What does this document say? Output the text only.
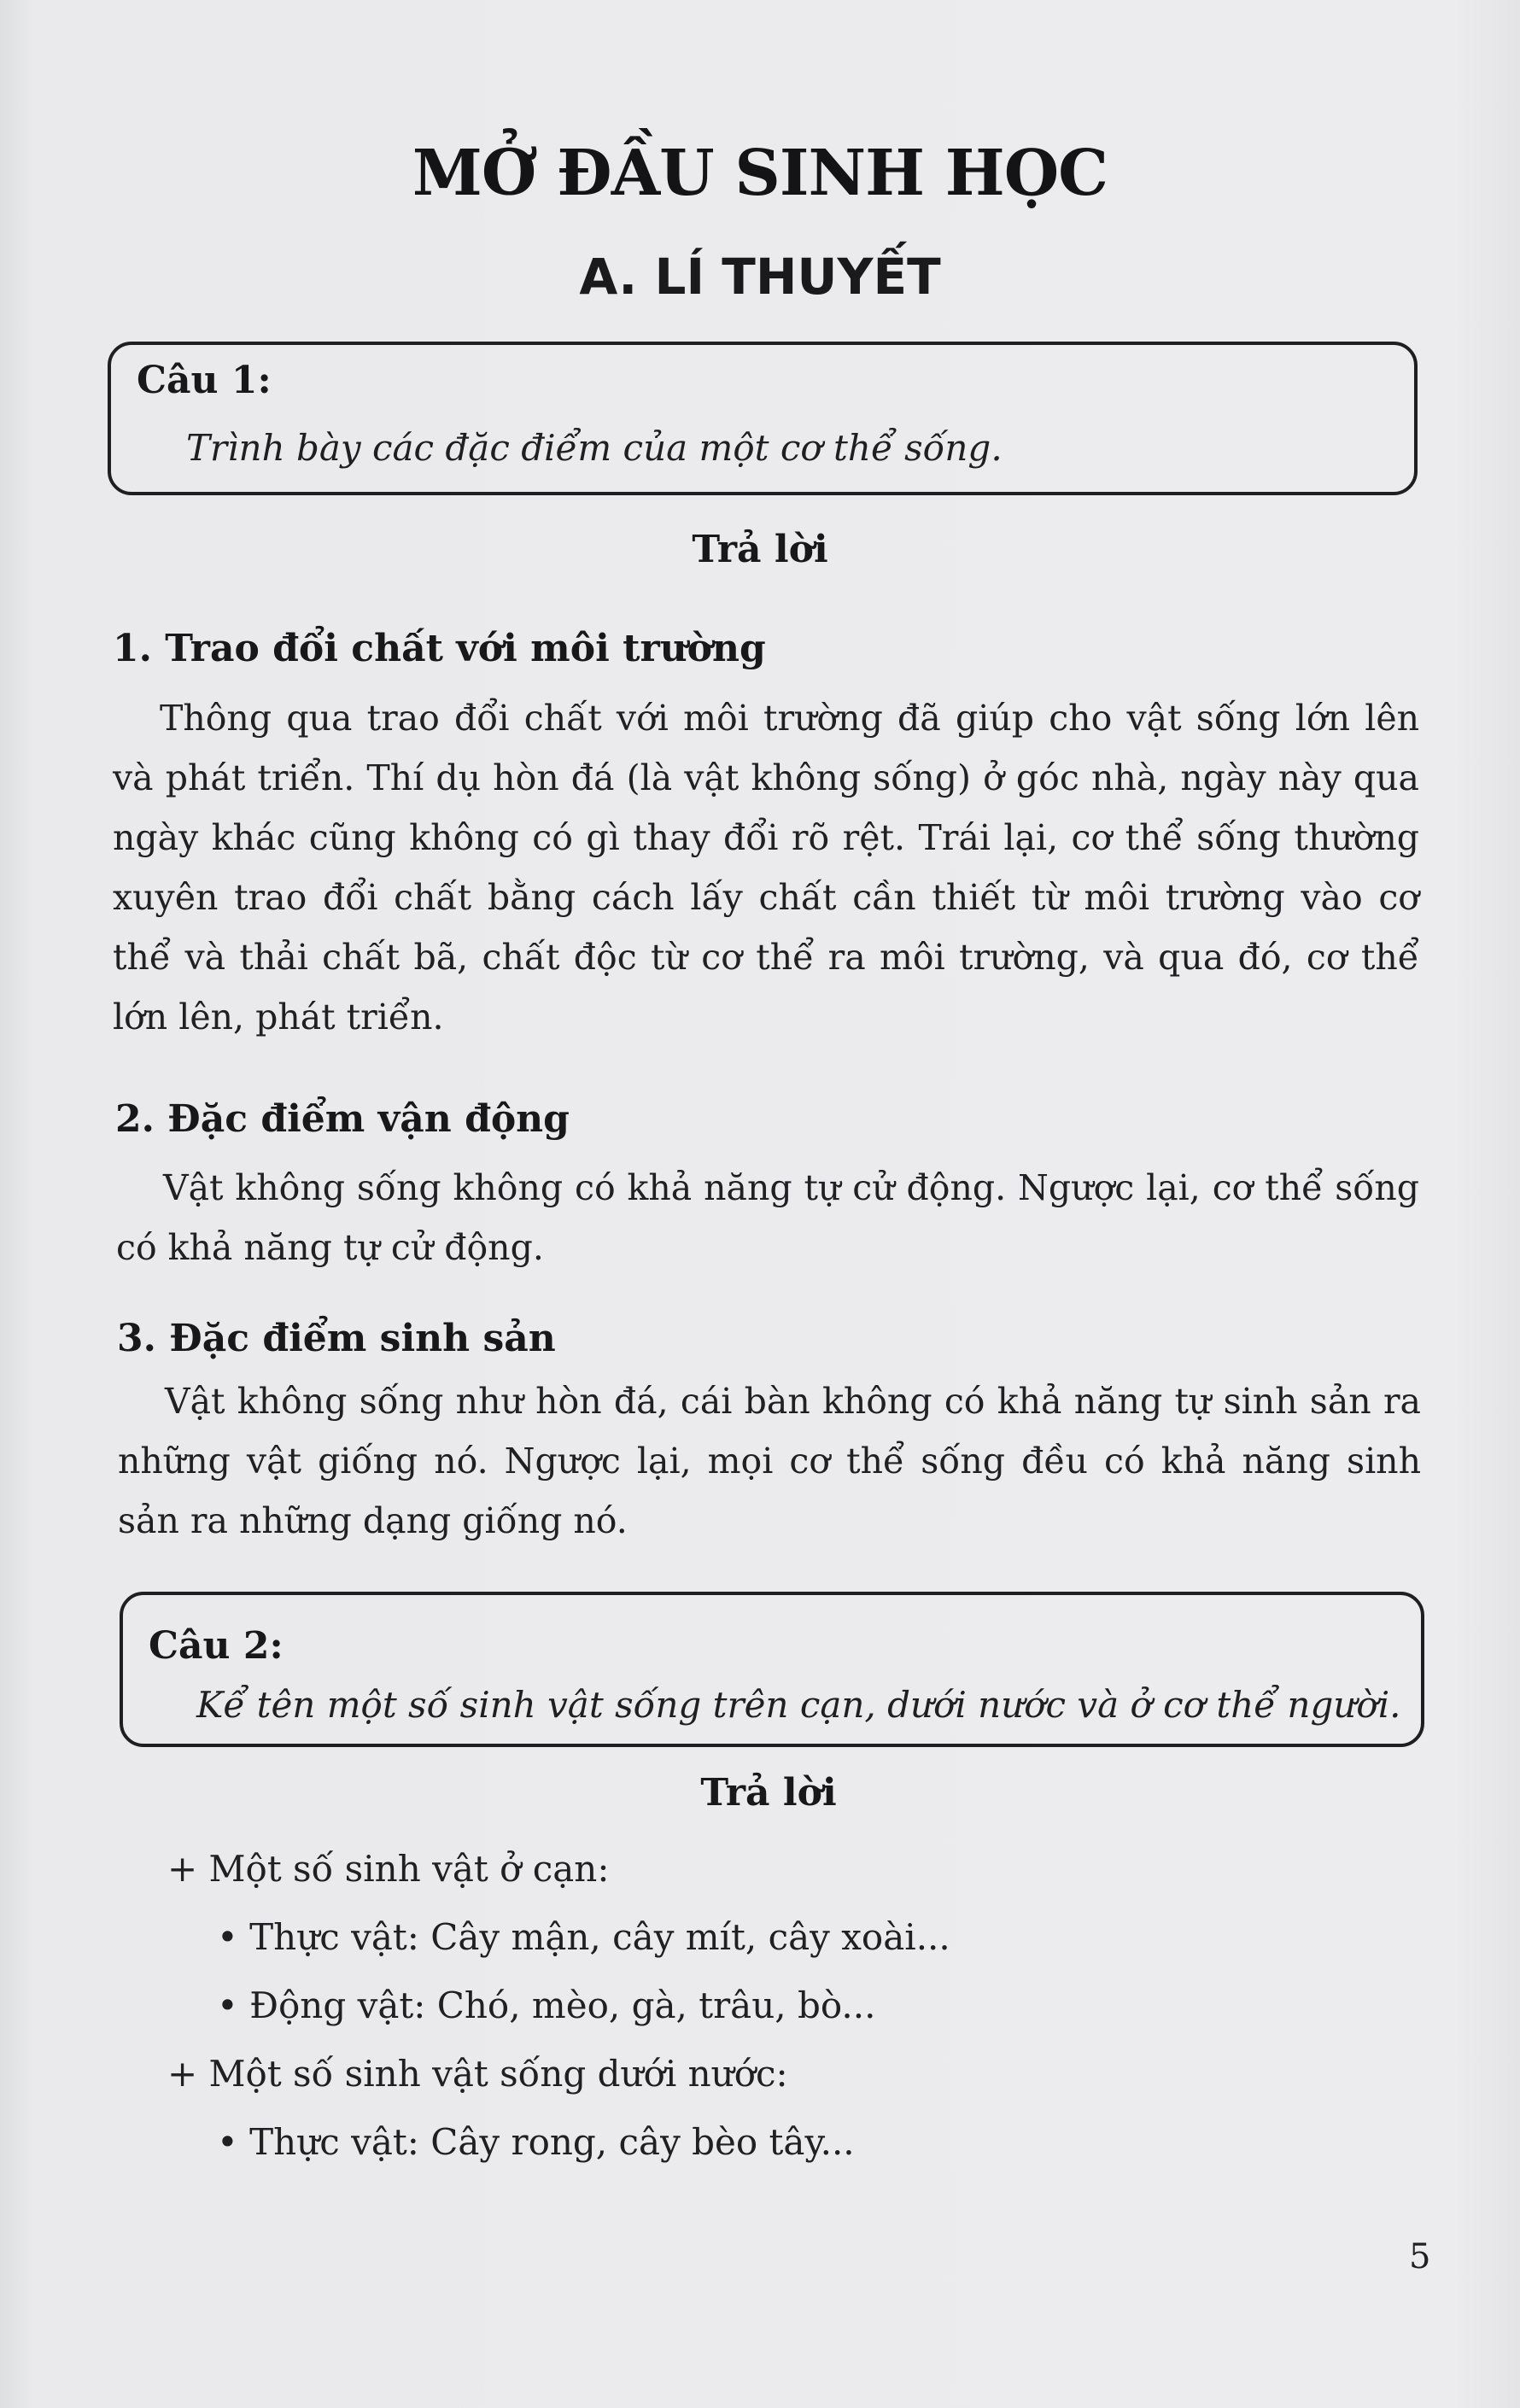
MỞ ĐẦU SINH HỌC
A. LÍ THUYẾT
Câu 1:
Trình bày các đặc điểm của một cơ thể sống.
Trả lời
1. Trao đổi chất với môi trường
Thông qua trao đổi chất với môi trường đã giúp cho vật sống lớn lên và phát triển. Thí dụ hòn đá (là vật không sống) ở góc nhà, ngày này qua ngày khác cũng không có gì thay đổi rõ rệt. Trái lại, cơ thể sống thường xuyên trao đổi chất bằng cách lấy chất cần thiết từ môi trường vào cơ thể và thải chất bã, chất độc từ cơ thể ra môi trường, và qua đó, cơ thể lớn lên, phát triển.
2. Đặc điểm vận động
Vật không sống không có khả năng tự cử động. Ngược lại, cơ thể sống có khả năng tự cử động.
3. Đặc điểm sinh sản
Vật không sống như hòn đá, cái bàn không có khả năng tự sinh sản ra những vật giống nó. Ngược lại, mọi cơ thể sống đều có khả năng sinh sản ra những dạng giống nó.
Câu 2:
Kể tên một số sinh vật sống trên cạn, dưới nước và ở cơ thể người.
Trả lời
+ Một số sinh vật ở cạn:
• Thực vật: Cây mận, cây mít, cây xoài...
• Động vật: Chó, mèo, gà, trâu, bò...
+ Một số sinh vật sống dưới nước:
• Thực vật: Cây rong, cây bèo tây...
5
